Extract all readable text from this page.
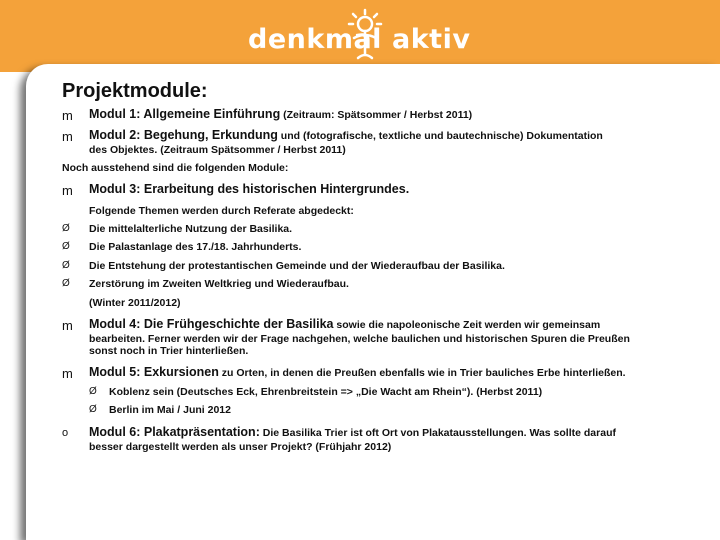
denkmal aktiv
Projektmodule:
m Modul 1: Allgemeine Einführung (Zeitraum: Spätsommer / Herbst 2011)
m Modul 2: Begehung, Erkundung und (fotografische, textliche und bautechnische) Dokumentation
des Objektes. (Zeitraum Spätsommer / Herbst 2011)
Noch ausstehend sind die folgenden Module:
m Modul 3: Erarbeitung des historischen Hintergrundes.
Folgende Themen werden durch Referate abgedeckt:
Ø Die mittelalterliche Nutzung der Basilika.
Ø Die Palastanlage des 17./18. Jahrhunderts.
Ø Die Entstehung der protestantischen Gemeinde und der Wiederaufbau der Basilika.
Ø Zerstörung im Zweiten Weltkrieg und Wiederaufbau.
(Winter 2011/2012)
m Modul 4: Die Frühgeschichte der Basilika sowie die napoleonische Zeit werden wir gemeinsam
bearbeiten. Ferner werden wir der Frage nachgehen, welche baulichen und historischen Spuren die Preußen
sonst noch in Trier hinterließen.
m Modul 5: Exkursionen zu Orten, in denen die Preußen ebenfalls wie in Trier bauliches Erbe hinterließen.
Ø Koblenz sein (Deutsches Eck, Ehrenbreitstein => „Die Wacht am Rhein“). (Herbst 2011)
Ø Berlin im Mai / Juni 2012
o Modul 6: Plakatpräsentation: Die Basilika Trier ist oft Ort von Plakatausstellungen. Was sollte darauf
besser dargestellt werden als unser Projekt? (Frühjahr 2012)
